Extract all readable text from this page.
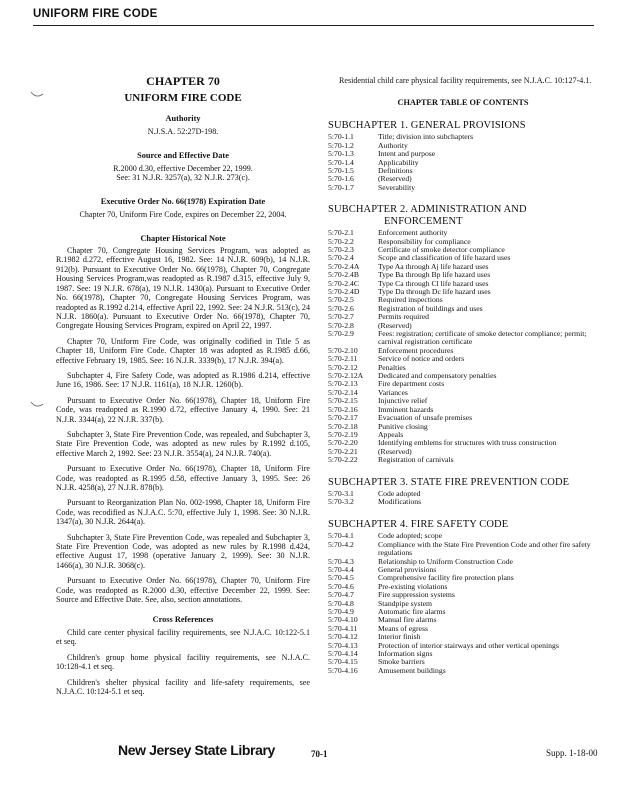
UNIFORM FIRE CODE
CHAPTER 70
UNIFORM FIRE CODE
Authority
N.J.S.A. 52:27D-198.
Source and Effective Date
R.2000 d.30, effective December 22, 1999.
See: 31 N.J.R. 3257(a), 32 N.J.R. 273(c).
Executive Order No. 66(1978) Expiration Date
Chapter 70, Uniform Fire Code, expires on December 22, 2004.
Chapter Historical Note
Chapter 70, Congregate Housing Services Program, was adopted as R.1982 d.272, effective August 16, 1982. See: 14 N.J.R. 609(b), 14 N.J.R. 912(b). Pursuant to Executive Order No. 66(1978), Chapter 70, Congregate Housing Services Program,was readopted as R.1987 d.315, effective July 9, 1987. See: 19 N.J.R. 678(a), 19 N.J.R. 1430(a). Pursuant to Executive Order No. 66(1978), Chapter 70, Congregate Housing Services Program, was readopted as R.1992 d.214, effective April 22, 1992. See: 24 N.J.R. 513(c), 24 N.J.R. 1860(a). Pursuant to Executive Order No. 66(1978), Chapter 70, Congregate Housing Services Program, expired on April 22, 1997.
Chapter 70, Uniform Fire Code, was originally codified in Title 5 as Chapter 18, Uniform Fire Code. Chapter 18 was adopted as R.1985 d.66, effective February 19, 1985. See: 16 N.J.R. 3339(b), 17 N.J.R. 394(a).
Subchapter 4, Fire Safety Code, was adopted as R.1986 d.214, effective June 16, 1986. See: 17 N.J.R. 1161(a), 18 N.J.R. 1260(b).
Pursuant to Executive Order No. 66(1978), Chapter 18, Uniform Fire Code, was readopted as R.1990 d.72, effective January 4, 1990. See: 21 N.J.R. 3344(a), 22 N.J.R. 337(b).
Subchapter 3, State Fire Prevention Code, was repealed, and Subchapter 3, State Fire Prevention Code, was adopted as new rules by R.1992 d.105, effective March 2, 1992. See: 23 N.J.R. 3554(a), 24 N.J.R. 740(a).
Pursuant to Executive Order No. 66(1978), Chapter 18, Uniform Fire Code, was readopted as R.1995 d.58, effective January 3, 1995. See: 26 N.J.R. 4258(a), 27 N.J.R. 878(b).
Pursuant to Reorganization Plan No. 002-1998, Chapter 18, Uniform Fire Code, was recodified as N.J.A.C. 5:70, effective July 1, 1998. See: 30 N.J.R. 1347(a), 30 N.J.R. 2644(a).
Subchapter 3, State Fire Prevention Code, was repealed and Subchapter 3, State Fire Prevention Code, was adopted as new rules by R.1998 d.424, effective August 17, 1998 (operative January 2, 1999). See: 30 N.J.R. 1466(a), 30 N.J.R. 3068(c).
Pursuant to Executive Order No. 66(1978), Chapter 70, Uniform Fire Code, was readopted as R.2000 d.30, effective December 22, 1999. See: Source and Effective Date. See, also, section annotations.
Cross References
Child care center physical facility requirements, see N.J.A.C. 10:122-5.1 et seq.
Children's group home physical facility requirements, see N.J.A.C. 10:128-4.1 et seq.
Children's shelter physical facility and life-safety requirements, see N.J.A.C. 10:124-5.1 et seq.
Residential child care physical facility requirements, see N.J.A.C. 10:127-4.1.
CHAPTER TABLE OF CONTENTS
SUBCHAPTER 1. GENERAL PROVISIONS
5:70-1.1	Title; division into subchapters
5:70-1.2	Authority
5:70-1.3	Intent and purpose
5:70-1.4	Applicability
5:70-1.5	Definitions
5:70-1.6	(Reserved)
5:70-1.7	Severability
SUBCHAPTER 2. ADMINISTRATION AND
ENFORCEMENT
5:70-2.1	Enforcement authority
5:70-2.2	Responsibility for compliance
5:70-2.3	Certificate of smoke detector compliance
5:70-2.4	Scope and classification of life hazard uses
5:70-2.4A	Type Aa through Aj life hazard uses
5:70-2.4B	Type Ba through Bp life hazard uses
5:70-2.4C	Type Ca through Cl life hazard uses
5:70-2.4D	Type Da through Dc life hazard uses
5:70-2.5	Required inspections
5:70-2.6	Registration of buildings and uses
5:70-2.7	Permits required
5:70-2.8	(Reserved)
5:70-2.9	Fees: registration; certificate of smoke detector compliance; permit; carnival registration certificate
5:70-2.10	Enforcement procedures
5:70-2.11	Service of notice and orders
5:70-2.12	Penalties
5:70-2.12A	Dedicated and compensatory penalties
5:70-2.13	Fire department costs
5:70-2.14	Variances
5:70-2.15	Injunctive relief
5:70-2.16	Imminent hazards
5:70-2.17	Evacuation of unsafe premises
5:70-2.18	Punitive closing
5:70-2.19	Appeals
5:70-2.20	Identifying emblems for structures with truss construction
5:70-2.21	(Reserved)
5:70-2.22	Registration of carnivals
SUBCHAPTER 3. STATE FIRE PREVENTION CODE
5:70-3.1	Code adopted
5:70-3.2	Modifications
SUBCHAPTER 4. FIRE SAFETY CODE
5:70-4.1	Code adopted; scope
5:70-4.2	Compliance with the State Fire Prevention Code and other fire safety regulations
5:70-4.3	Relationship to Uniform Construction Code
5:70-4.4	General provisions
5:70-4.5	Comprehensive facility fire protection plans
5:70-4.6	Pre-existing violations
5:70-4.7	Fire suppression systems
5:70-4.8	Standpipe system
5:70-4.9	Automatic fire alarms
5:70-4.10	Manual fire alarms
5:70-4.11	Means of egress
5:70-4.12	Interior finish
5:70-4.13	Protection of interior stairways and other vertical openings
5:70-4.14	Information signs
5:70-4.15	Smoke barriers
5:70-4.16	Amusement buildings
New Jersey State Library	70-1	Supp. 1-18-00
